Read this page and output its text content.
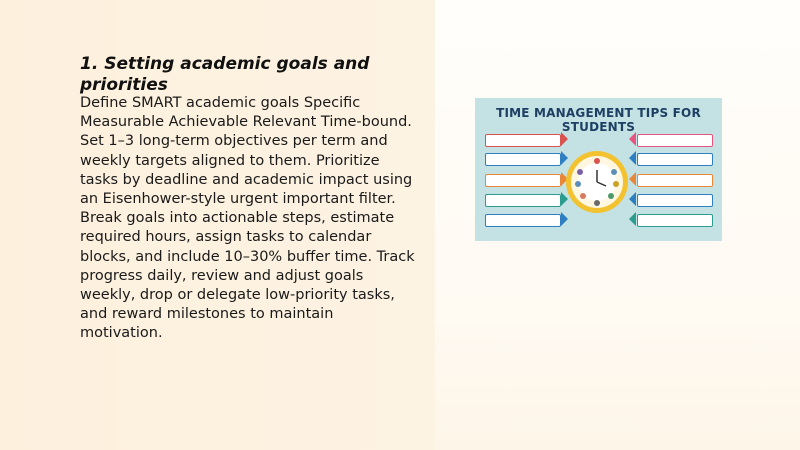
1. Setting academic goals and priorities

Define SMART academic goals Specific Measurable Achievable Relevant Time-bound. Set 1–3 long-term objectives per term and weekly targets aligned to them. Prioritize tasks by deadline and academic impact using an Eisenhower-style urgent important filter. Break goals into actionable steps, estimate required hours, assign tasks to calendar blocks, and include 10–30% buffer time. Track progress daily, review and adjust goals weekly, drop or delegate low-priority tasks, and reward milestones to maintain motivation.

TIME MANAGEMENT TIPS FOR STUDENTS
